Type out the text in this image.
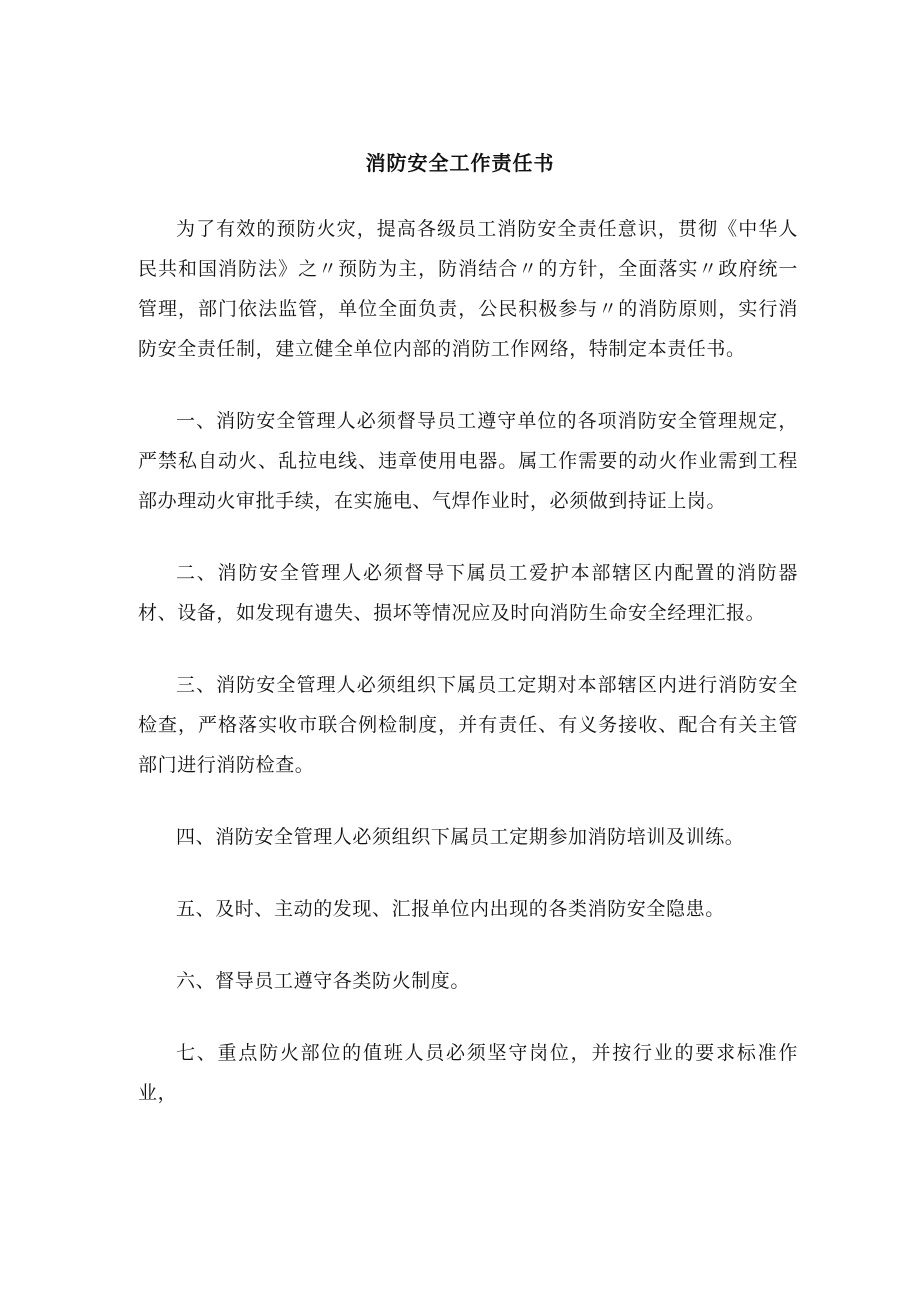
消防安全工作责任书

为了有效的预防火灾，提高各级员工消防安全责任意识，贯彻《中华人民共和国消防法》之〃预防为主，防消结合〃的方针，全面落实〃政府统一管理，部门依法监管，单位全面负责，公民积极参与〃的消防原则，实行消防安全责任制，建立健全单位内部的消防工作网络，特制定本责任书。

一、消防安全管理人必须督导员工遵守单位的各项消防安全管理规定，严禁私自动火、乱拉电线、违章使用电器。属工作需要的动火作业需到工程部办理动火审批手续，在实施电、气焊作业时，必须做到持证上岗。

二、消防安全管理人必须督导下属员工爱护本部辖区内配置的消防器材、设备，如发现有遗失、损坏等情况应及时向消防生命安全经理汇报。

三、消防安全管理人必须组织下属员工定期对本部辖区内进行消防安全检查，严格落实收市联合例检制度，并有责任、有义务接收、配合有关主管部门进行消防检查。

四、消防安全管理人必须组织下属员工定期参加消防培训及训练。

五、及时、主动的发现、汇报单位内出现的各类消防安全隐患。

六、督导员工遵守各类防火制度。

七、重点防火部位的值班人员必须坚守岗位，并按行业的要求标准作业，
